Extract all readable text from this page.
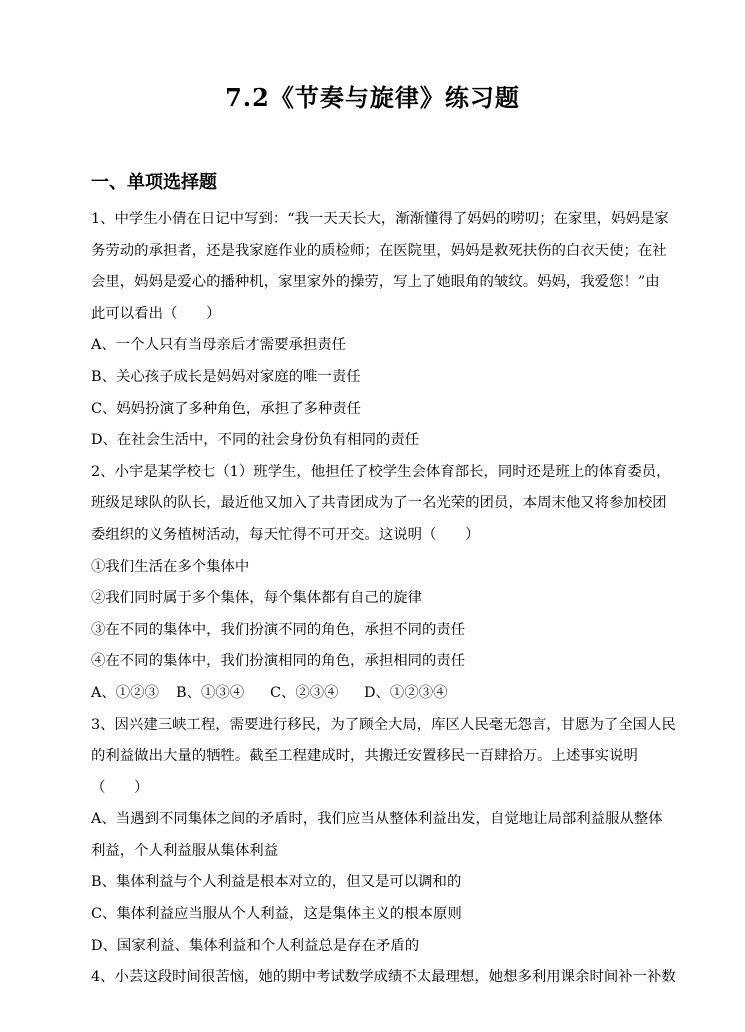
7.2《节奏与旋律》练习题
一、单项选择题
1、中学生小倩在日记中写到：“我一天天长大，渐渐懂得了妈妈的唠叨；在家里，妈妈是家
务劳动的承担者，还是我家庭作业的质检师；在医院里，妈妈是救死扶伤的白衣天使；在社
会里，妈妈是爱心的播种机，家里家外的操劳，写上了她眼角的皱纹。妈妈，我爱您！”由
此可以看出（　　）
A、一个人只有当母亲后才需要承担责任
B、关心孩子成长是妈妈对家庭的唯一责任
C、妈妈扮演了多种角色，承担了多种责任
D、在社会生活中，不同的社会身份负有相同的责任
2、小宇是某学校七（1）班学生，他担任了校学生会体育部长，同时还是班上的体育委员，
班级足球队的队长，最近他又加入了共青团成为了一名光荣的团员，本周末他又将参加校团
委组织的义务植树活动，每天忙得不可开交。这说明（　　）
①我们生活在多个集体中
②我们同时属于多个集体，每个集体都有自己的旋律
③在不同的集体中，我们扮演不同的角色，承担不同的责任
④在不同的集体中，我们扮演相同的角色，承担相同的责任
A、①②③ B、①③④ C、②③④ D、①②③④
3、因兴建三峡工程，需要进行移民，为了顾全大局，库区人民毫无怨言，甘愿为了全国人民
的利益做出大量的牺牲。截至工程建成时，共搬迁安置移民一百肆拾万。上述事实说明
（　　）
A、当遇到不同集体之间的矛盾时，我们应当从整体利益出发，自觉地让局部利益服从整体
利益，个人利益服从集体利益
B、集体利益与个人利益是根本对立的，但又是可以调和的
C、集体利益应当服从个人利益，这是集体主义的根本原则
D、国家利益、集体利益和个人利益总是存在矛盾的
4、小芸这段时间很苦恼，她的期中考试数学成绩不太最理想，她想多利用课余时间补一补数
